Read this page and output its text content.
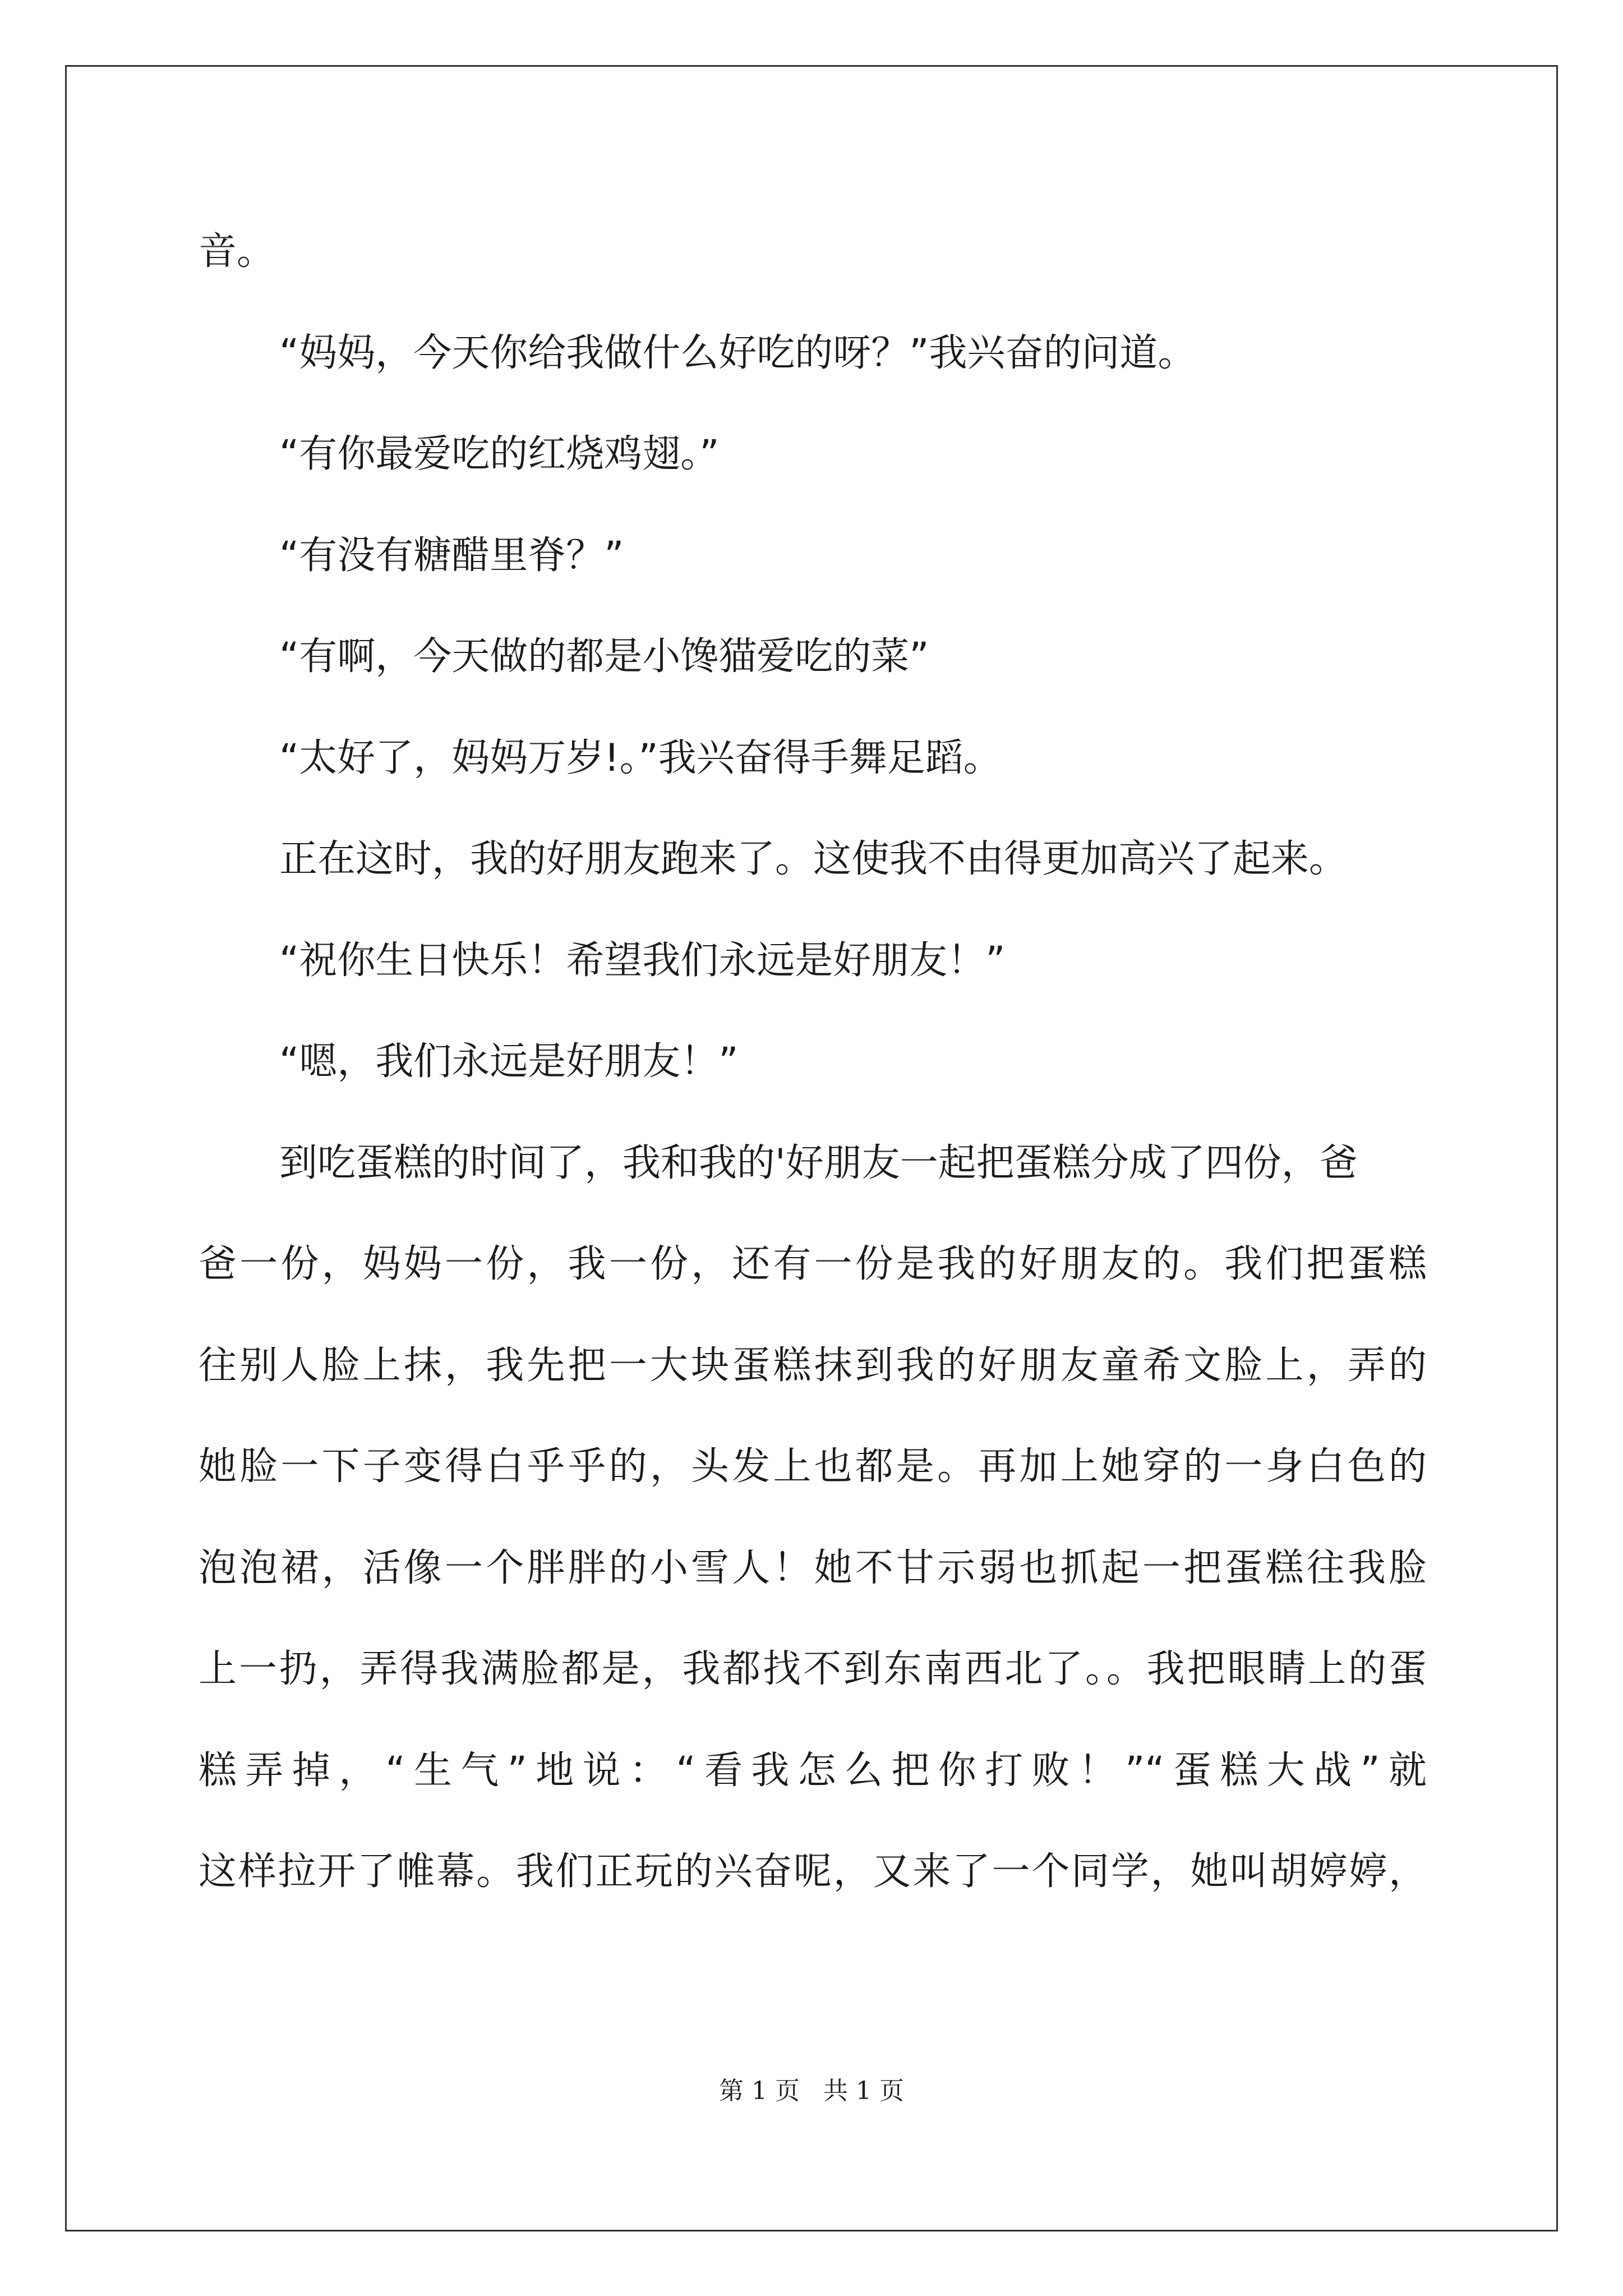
音。
“妈妈，今天你给我做什么好吃的呀？”我兴奋的问道。
“有你最爱吃的红烧鸡翅。”
“有没有糖醋里脊？”
“有啊，今天做的都是小馋猫爱吃的菜”
“太好了，妈妈万岁!。”我兴奋得手舞足蹈。
正在这时，我的好朋友跑来了。这使我不由得更加高兴了起来。
“祝你生日快乐！希望我们永远是好朋友！”
“嗯，我们永远是好朋友！”
到吃蛋糕的时间了，我和我的'好朋友一起把蛋糕分成了四份，爸
爸一份，妈妈一份，我一份，还有一份是我的好朋友的。我们把蛋糕
往别人脸上抹，我先把一大块蛋糕抹到我的好朋友童希文脸上，弄的
她脸一下子变得白乎乎的，头发上也都是。再加上她穿的一身白色的
泡泡裙，活像一个胖胖的小雪人！她不甘示弱也抓起一把蛋糕往我脸
上一扔，弄得我满脸都是，我都找不到东南西北了。。我把眼睛上的蛋
糕弄掉，“生气”地说：“看我怎么把你打败！”“蛋糕大战”就
这样拉开了帷幕。我们正玩的兴奋呢，又来了一个同学，她叫胡婷婷，
第 1 页   共 1 页
